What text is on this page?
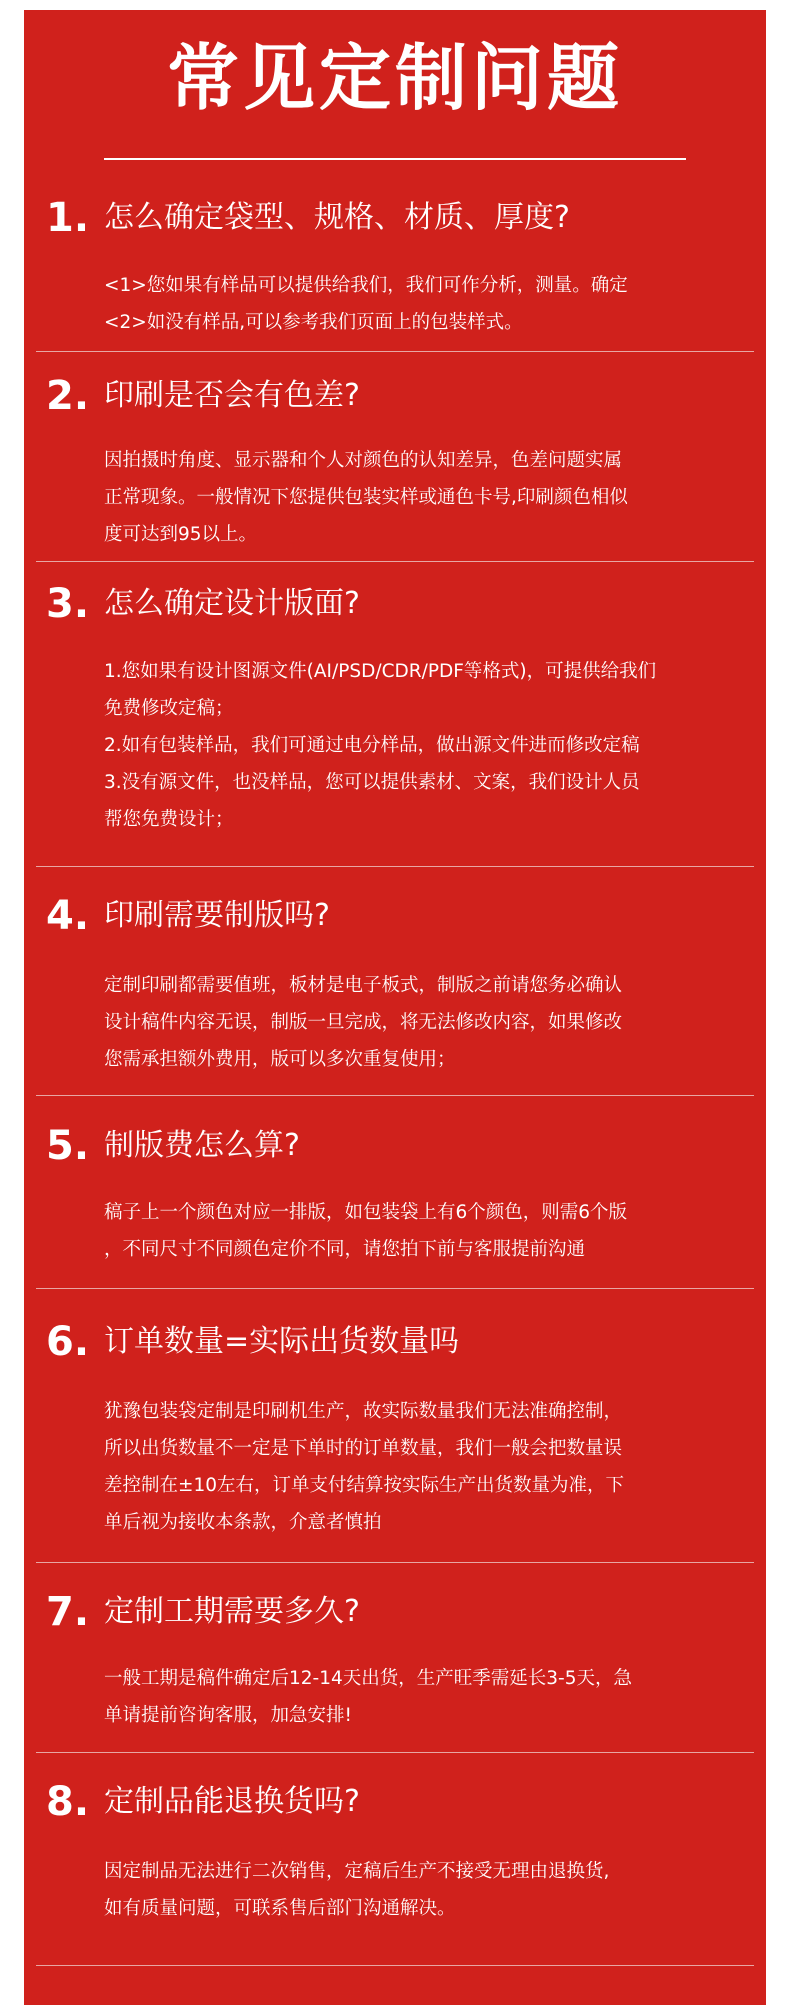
常见定制问题
1. 怎么确定袋型、规格、材质、厚度?
<1>您如果有样品可以提供给我们，我们可作分析，测量。确定
<2>如没有样品,可以参考我们页面上的包装样式。
2. 印刷是否会有色差?
因拍摄时角度、显示器和个人对颜色的认知差异，色差问题实属
正常现象。一般情况下您提供包装实样或通色卡号,印刷颜色相似
度可达到95以上。
3. 怎么确定设计版面?
1.您如果有设计图源文件(AI/PSD/CDR/PDF等格式)，可提供给我们
免费修改定稿；
2.如有包装样品，我们可通过电分样品，做出源文件进而修改定稿
3.没有源文件，也没样品，您可以提供素材、文案，我们设计人员
帮您免费设计；
4. 印刷需要制版吗?
定制印刷都需要值班，板材是电子板式，制版之前请您务必确认
设计稿件内容无误，制版一旦完成，将无法修改内容，如果修改
您需承担额外费用，版可以多次重复使用；
5. 制版费怎么算?
稿子上一个颜色对应一排版，如包装袋上有6个颜色，则需6个版
，不同尺寸不同颜色定价不同，请您拍下前与客服提前沟通
6. 订单数量=实际出货数量吗
犹豫包装袋定制是印刷机生产，故实际数量我们无法准确控制，
所以出货数量不一定是下单时的订单数量，我们一般会把数量误
差控制在±10左右，订单支付结算按实际生产出货数量为准，下
单后视为接收本条款，介意者慎拍
7. 定制工期需要多久?
一般工期是稿件确定后12-14天出货，生产旺季需延长3-5天，急
单请提前咨询客服，加急安排!
8. 定制品能退换货吗?
因定制品无法进行二次销售，定稿后生产不接受无理由退换货,
如有质量问题，可联系售后部门沟通解决。
